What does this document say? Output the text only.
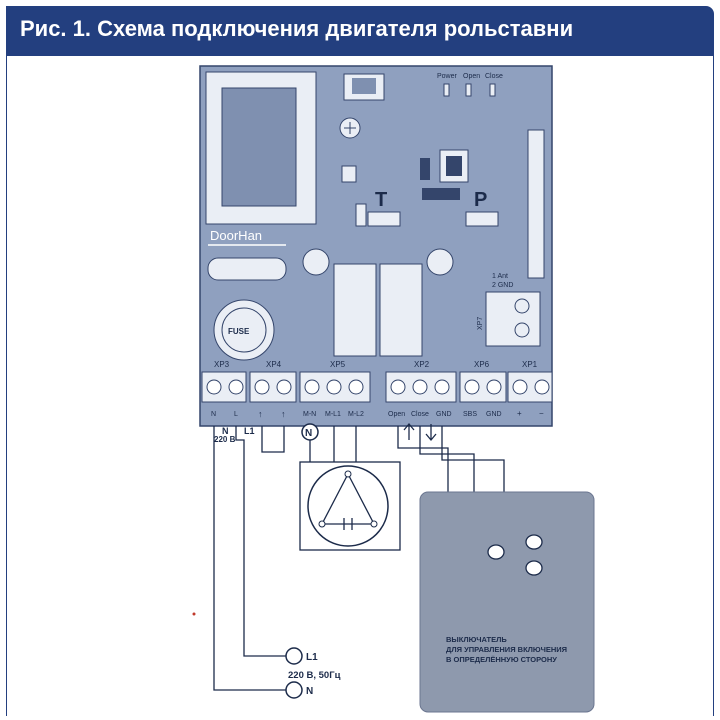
Рис. 1. Схема подключения двигателя рольставни
Power Open Close
T	P
DoorHan
FUSE
1 Ant
2 GND
XP7
XP3	XP4	XP5	XP2	XP6	XP1
N	L ↑ ↑	M-N M-L1 M-L2	Open Close GND SBS GND + −
N
N
220 В
L1
ВЫКЛЮЧАТЕЛЬ
ДЛЯ УПРАВЛЕНИЯ ВКЛЮЧЕНИЯ
В ОПРЕДЕЛЁННУЮ СТОРОНУ
L1
220 В, 50Гц
N
